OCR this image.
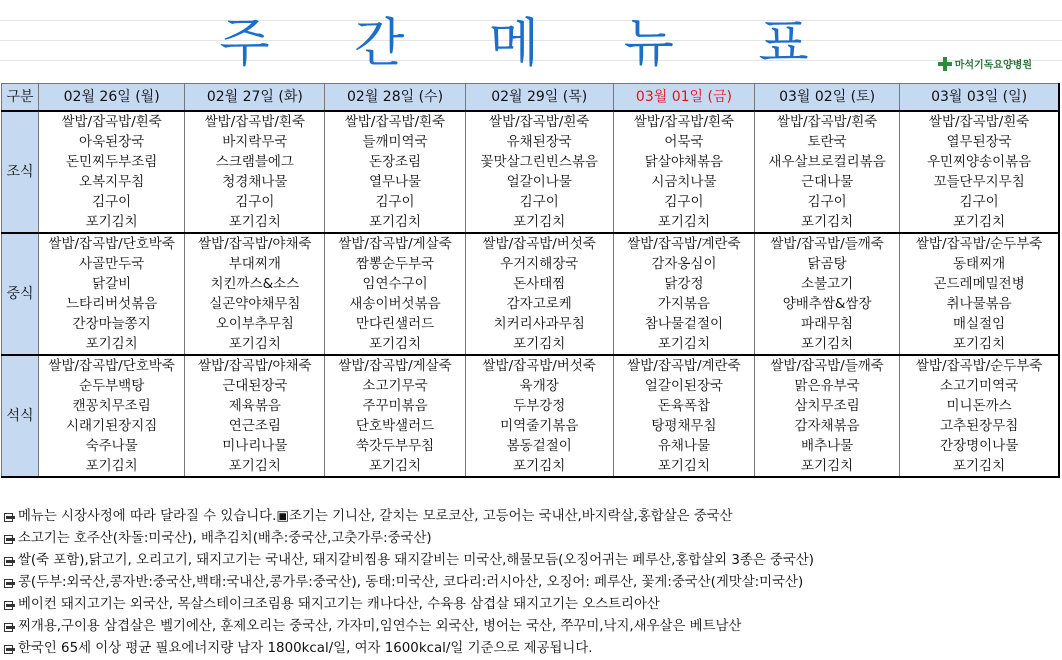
주 간 메 뉴 표	마석기독요양병원
구분	02월 26일 (월)	02월 27일 (화)	02월 28일 (수)	02월 29일 (목)	03월 01일 (금)	03월 02일 (토)	03월 03일 (일)
조식	쌀밥/잡곡밥/흰죽	쌀밥/잡곡밥/흰죽	쌀밥/잡곡밥/흰죽	쌀밥/잡곡밥/흰죽	쌀밥/잡곡밥/흰죽	쌀밥/잡곡밥/흰죽	쌀밥/잡곡밥/흰죽
	아욱된장국	바지락무국	들깨미역국	유채된장국	어묵국	토란국	열무된장국
	돈민찌두부조림	스크램블에그	돈장조림	꽃맛살그린빈스볶음	닭살야채볶음	새우살브로컬리볶음	우민찌양송이볶음
	오복지무침	청경채나물	열무나물	얼갈이나물	시금치나물	근대나물	꼬들단무지무침
	김구이	김구이	김구이	김구이	김구이	김구이	김구이
	포기김치	포기김치	포기김치	포기김치	포기김치	포기김치	포기김치
중식	쌀밥/잡곡밥/단호박죽	쌀밥/잡곡밥/야채죽	쌀밥/잡곡밥/게살죽	쌀밥/잡곡밥/버섯죽	쌀밥/잡곡밥/계란죽	쌀밥/잡곡밥/들깨죽	쌀밥/잡곡밥/순두부죽
	사골만두국	부대찌개	짬뽕순두부국	우거지해장국	감자옹심이	닭곰탕	동태찌개
	닭갈비	치킨까스&소스	임연수구이	돈사태찜	닭강정	소불고기	곤드레메밀전병
	느타리버섯볶음	실곤약야채무침	새송이버섯볶음	감자고로케	가지볶음	양배추쌈&쌈장	취나물볶음
	간장마늘쫑지	오이부추무침	만다린샐러드	치커리사과무침	참나물겉절이	파래무침	매실절임
	포기김치	포기김치	포기김치	포기김치	포기김치	포기김치	포기김치
석식	쌀밥/잡곡밥/단호박죽	쌀밥/잡곡밥/야채죽	쌀밥/잡곡밥/게살죽	쌀밥/잡곡밥/버섯죽	쌀밥/잡곡밥/계란죽	쌀밥/잡곡밥/들깨죽	쌀밥/잡곡밥/순두부죽
	순두부백탕	근대된장국	소고기무국	육개장	얼갈이된장국	맑은유부국	소고기미역국
	캔꽁치무조림	제육볶음	주꾸미볶음	두부강정	돈육폭찹	삼치무조림	미니돈까스
	시래기된장지짐	연근조림	단호박샐러드	미역줄기볶음	탕평채무침	감자채볶음	고추된장무침
	숙주나물	미나리나물	쑥갓두부무침	봄동겉절이	유채나물	배추나물	간장명이나물
	포기김치	포기김치	포기김치	포기김치	포기김치	포기김치	포기김치
메뉴는 시장사정에 따라 달라질 수 있습니다.▣조기는 기니산, 갈치는 모로코산, 고등어는 국내산,바지락살,홍합살은 중국산
소고기는 호주산(차돌:미국산), 배추김치(배추:중국산,고춧가루:중국산)
쌀(죽 포함),닭고기, 오리고기, 돼지고기는 국내산, 돼지갈비찜용 돼지갈비는 미국산,해물모듬(오징어귀는 페루산,홍합살외 3종은 중국산)
콩(두부:외국산,콩자반:중국산,백태:국내산,콩가루:중국산), 동태:미국산, 코다리:러시아산, 오징어: 페루산, 꽃게:중국산(게맛살:미국산)
베이컨 돼지고기는 외국산, 목살스테이크조림용 돼지고기는 캐나다산, 수육용 삼겹살 돼지고기는 오스트리아산
찌개용,구이용 삼겹살은 벨기에산, 훈제오리는 중국산, 가자미,임연수는 외국산, 병어는 국산, 쭈꾸미,낙지,새우살은 베트남산
한국인 65세 이상 평균 필요에너지량 남자 1800kcal/일, 여자 1600kcal/일 기준으로 제공됩니다.
